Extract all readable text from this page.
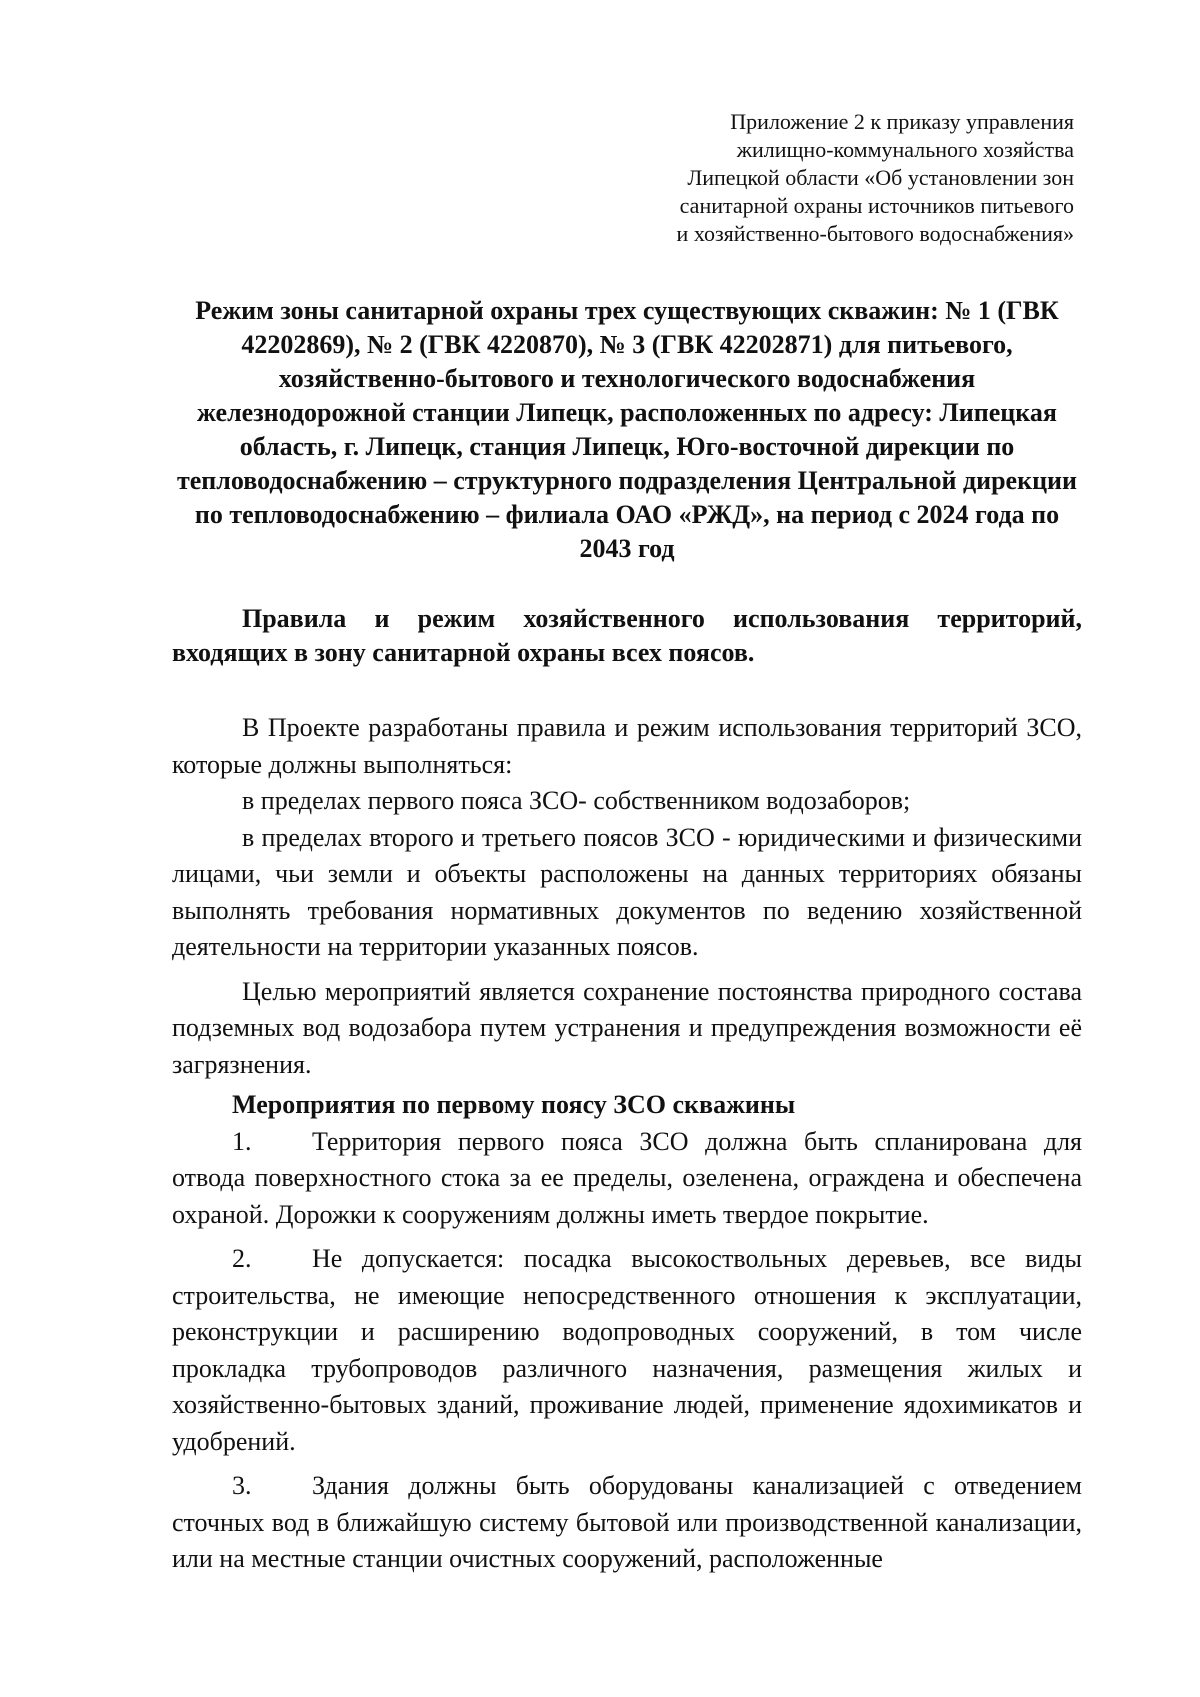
Приложение 2 к приказу управления
жилищно-коммунального хозяйства
Липецкой области «Об установлении зон
санитарной охраны источников питьевого
и хозяйственно-бытового водоснабжения»
Режим зоны санитарной охраны трех существующих скважин: № 1 (ГВК 42202869), № 2 (ГВК 4220870), № 3 (ГВК 42202871) для питьевого, хозяйственно-бытового и технологического водоснабжения железнодорожной станции Липецк, расположенных по адресу: Липецкая область, г. Липецк, станция Липецк, Юго-восточной дирекции по тепловодоснабжению – структурного подразделения Центральной дирекции по тепловодоснабжению – филиала ОАО «РЖД», на период с 2024 года по 2043 год
Правила и режим хозяйственного использования территорий, входящих в зону санитарной охраны всех поясов.

В Проекте разработаны правила и режим использования территорий ЗСО, которые должны выполняться:

в пределах первого пояса ЗСО- собственником водозаборов;

в пределах второго и третьего поясов ЗСО - юридическими и физическими лицами, чьи земли и объекты расположены на данных территориях обязаны выполнять требования нормативных документов по ведению хозяйственной деятельности на территории указанных поясов.

Целью мероприятий является сохранение постоянства природного состава подземных вод водозабора путем устранения и предупреждения возможности её загрязнения.

Мероприятия по первому поясу ЗСО скважины

1. Территория первого пояса ЗСО должна быть спланирована для отвода поверхностного стока за ее пределы, озеленена, ограждена и обеспечена охраной. Дорожки к сооружениям должны иметь твердое покрытие.

2. Не допускается: посадка высокоствольных деревьев, все виды строительства, не имеющие непосредственного отношения к эксплуатации, реконструкции и расширению водопроводных сооружений, в том числе прокладка трубопроводов различного назначения, размещения жилых и хозяйственно-бытовых зданий, проживание людей, применение ядохимикатов и удобрений.

3. Здания должны быть оборудованы канализацией с отведением сточных вод в ближайшую систему бытовой или производственной канализации, или на местные станции очистных сооружений, расположенные
